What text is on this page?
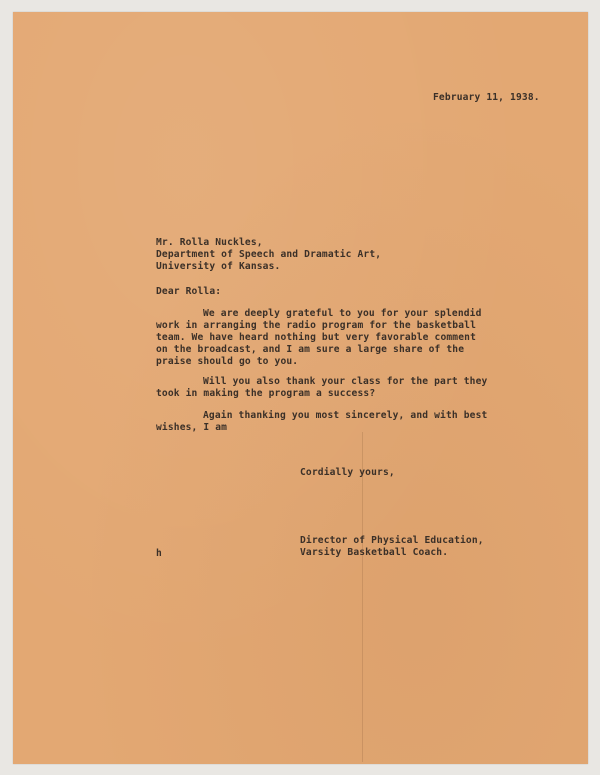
February 11, 1938.
Mr. Rolla Nuckles,
Department of Speech and Dramatic Art,
University of Kansas.
Dear Rolla:
We are deeply grateful to you for your splendid
work in arranging the radio program for the basketball
team. We have heard nothing but very favorable comment
on the broadcast, and I am sure a large share of the
praise should go to you.
Will you also thank your class for the part they
took in making the program a success?
Again thanking you most sincerely, and with best
wishes, I am
Cordially yours,
Director of Physical Education,
Varsity Basketball Coach.
h
